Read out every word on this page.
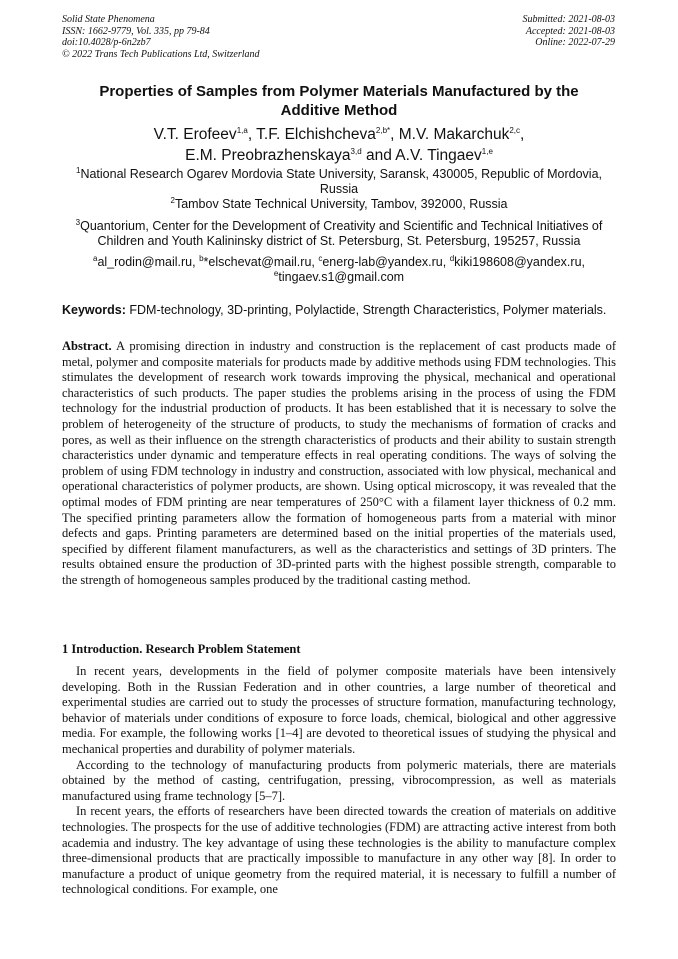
Solid State Phenomena
ISSN: 1662-9779, Vol. 335, pp 79-84
doi:10.4028/p-6n2zb7
© 2022 Trans Tech Publications Ltd, Switzerland
Submitted: 2021-08-03
Accepted: 2021-08-03
Online: 2022-07-29
Properties of Samples from Polymer Materials Manufactured by the
Additive Method
V.T. Erofeev$^{1,a}$, T.F. Elchishcheva$^{2,b*}$, M.V. Makarchuk$^{2,c}$,
E.M. Preobrazhenskaya$^{3,d}$ and A.V. Tingaev$^{1,e}$
$^1$National Research Ogarev Mordovia State University, Saransk, 430005, Republic of Mordovia, Russia
$^2$Tambov State Technical University, Tambov, 392000, Russia
$^3$Quantorium, Center for the Development of Creativity and Scientific and Technical Initiatives of Children and Youth Kalininsky district of St. Petersburg, St. Petersburg, 195257, Russia
$^a$al_rodin@mail.ru, $^b$*elschevat@mail.ru, $^c$energ-lab@yandex.ru, $^d$kiki198608@yandex.ru,
$^e$tingaev.s1@gmail.com
Keywords: FDM-technology, 3D-printing, Polylactide, Strength Characteristics, Polymer materials.
Abstract. A promising direction in industry and construction is the replacement of cast products made of metal, polymer and composite materials for products made by additive methods using FDM technologies. This stimulates the development of research work towards improving the physical, mechanical and operational characteristics of such products. The paper studies the problems arising in the process of using the FDM technology for the industrial production of products. It has been established that it is necessary to solve the problem of heterogeneity of the structure of products, to study the mechanisms of formation of cracks and pores, as well as their influence on the strength characteristics of products and their ability to sustain strength characteristics under dynamic and temperature effects in real operating conditions. The ways of solving the problem of using FDM technology in industry and construction, associated with low physical, mechanical and operational characteristics of polymer products, are shown. Using optical microscopy, it was revealed that the optimal modes of FDM printing are near temperatures of 250°C with a filament layer thickness of 0.2 mm. The specified printing parameters allow the formation of homogeneous parts from a material with minor defects and gaps. Printing parameters are determined based on the initial properties of the materials used, specified by different filament manufacturers, as well as the characteristics and settings of 3D printers. The results obtained ensure the production of 3D-printed parts with the highest possible strength, comparable to the strength of homogeneous samples produced by the traditional casting method.
1 Introduction. Research Problem Statement

In recent years, developments in the field of polymer composite materials have been intensively developing. Both in the Russian Federation and in other countries, a large number of theoretical and experimental studies are carried out to study the processes of structure formation, manufacturing technology, behavior of materials under conditions of exposure to force loads, chemical, biological and other aggressive media. For example, the following works [1–4] are devoted to theoretical issues of studying the physical and mechanical properties and durability of polymer materials.

According to the technology of manufacturing products from polymeric materials, there are materials obtained by the method of casting, centrifugation, pressing, vibrocompression, as well as materials manufactured using frame technology [5–7].

In recent years, the efforts of researchers have been directed towards the creation of materials on additive technologies. The prospects for the use of additive technologies (FDM) are attracting active interest from both academia and industry. The key advantage of using these technologies is the ability to manufacture complex three-dimensional products that are practically impossible to manufacture in any other way [8]. In order to manufacture a product of unique geometry from the required material, it is necessary to fulfill a number of technological conditions. For example, one
